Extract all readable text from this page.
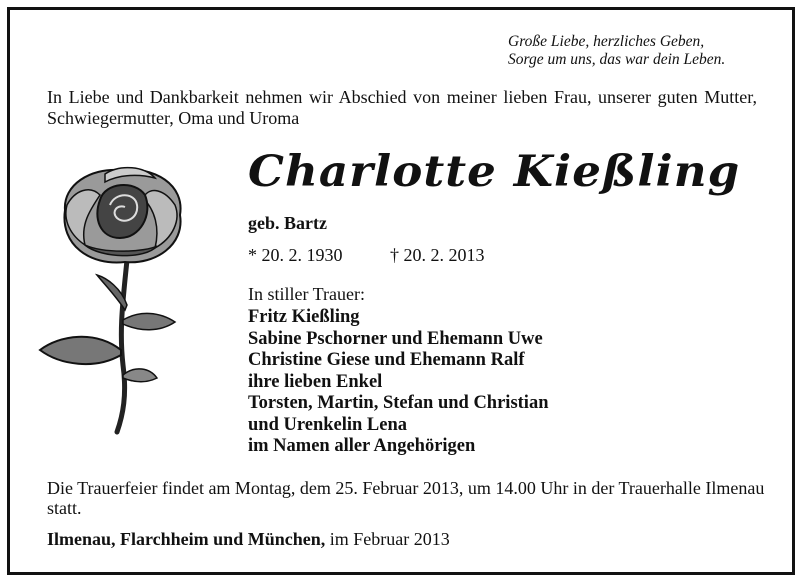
Große Liebe, herzliches Geben,
Sorge um uns, das war dein Leben.
In Liebe und Dankbarkeit nehmen wir Abschied von meiner lieben Frau, unserer guten Mutter, Schwiegermutter, Oma und Uroma
Charlotte Kießling
geb. Bartz
* 20. 2. 1930	† 20. 2. 2013
In stiller Trauer:
Fritz Kießling
Sabine Pschorner und Ehemann Uwe
Christine Giese und Ehemann Ralf
ihre lieben Enkel
Torsten, Martin, Stefan und Christian
und Urenkelin Lena
im Namen aller Angehörigen
Die Trauerfeier findet am Montag, dem 25. Februar 2013, um 14.00 Uhr in der Trauerhalle Ilmenau statt.
Ilmenau, Flarchheim und München, im Februar 2013
